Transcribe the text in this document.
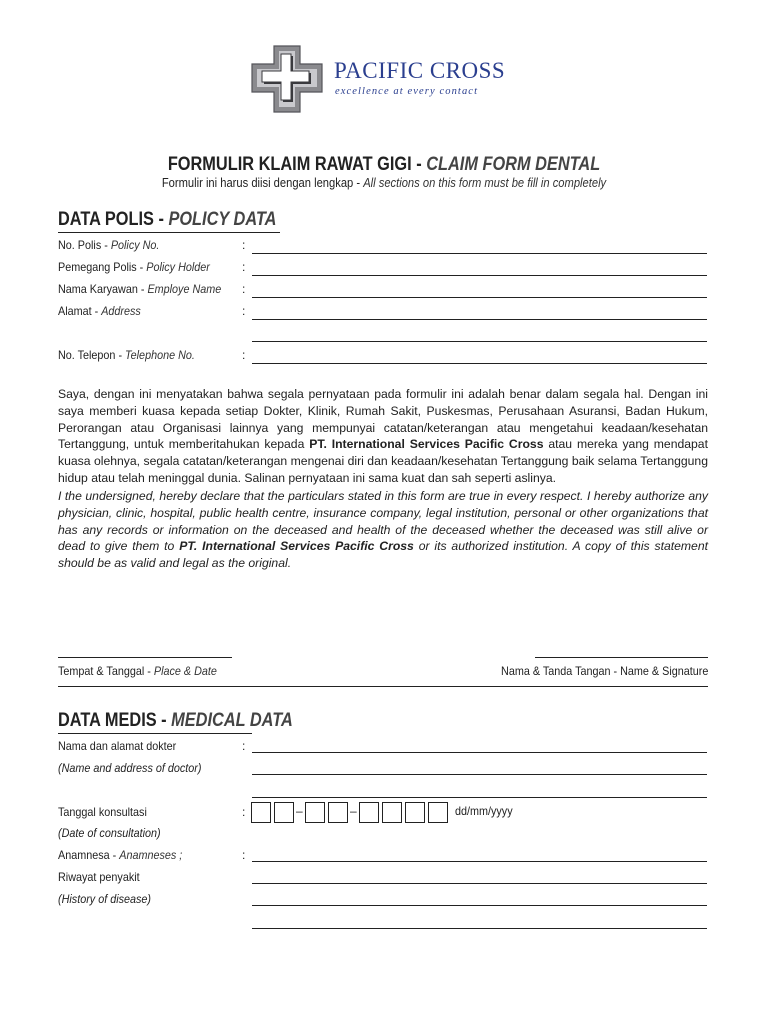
PACIFIC CROSS
excellence at every contact
FORMULIR KLAIM RAWAT GIGI - CLAIM FORM DENTAL
Formulir ini harus diisi dengan lengkap - All sections on this form must be fill in completely
DATA POLIS - POLICY DATA
No. Polis - Policy No.	:
Pemegang Polis - Policy Holder	:
Nama Karyawan - Employe Name :
Alamat - Address	:
No. Telepon - Telephone No.	:
Saya, dengan ini menyatakan bahwa segala pernyataan pada formulir ini adalah benar dalam segala hal. Dengan ini saya memberi kuasa kepada setiap Dokter, Klinik, Rumah Sakit, Puskesmas, Perusahaan Asuransi, Badan Hukum, Perorangan atau Organisasi lainnya yang mempunyai catatan/keterangan atau mengetahui keadaan/kesehatan Tertanggung, untuk memberitahukan kepada PT. International Services Pacific Cross atau mereka yang mendapat kuasa olehnya, segala catatan/keterangan mengenai diri dan keadaan/kesehatan Tertanggung baik selama Tertanggung hidup atau telah meninggal dunia. Salinan pernyataan ini sama kuat dan sah seperti aslinya.
I the undersigned, hereby declare that the particulars stated in this form are true in every respect. I hereby authorize any physician, clinic, hospital, public health centre, insurance company, legal institution, personal or other organizations that has any records or information on the deceased and health of the deceased whether the deceased was still alive or dead to give them to PT. International Services Pacific Cross or its authorized institution. A copy of this statement should be as valid and legal as the original.
Tempat & Tanggal - Place & Date	Nama & Tanda Tangan - Name & Signature
DATA MEDIS - MEDICAL DATA
Nama dan alamat dokter	:
(Name and address of doctor)
Tanggal konsultasi	:
(Date of consultation)
–	–	dd/mm/yyyy
Anamnesa - Anamneses ;	:
Riwayat penyakit
(History of disease)
